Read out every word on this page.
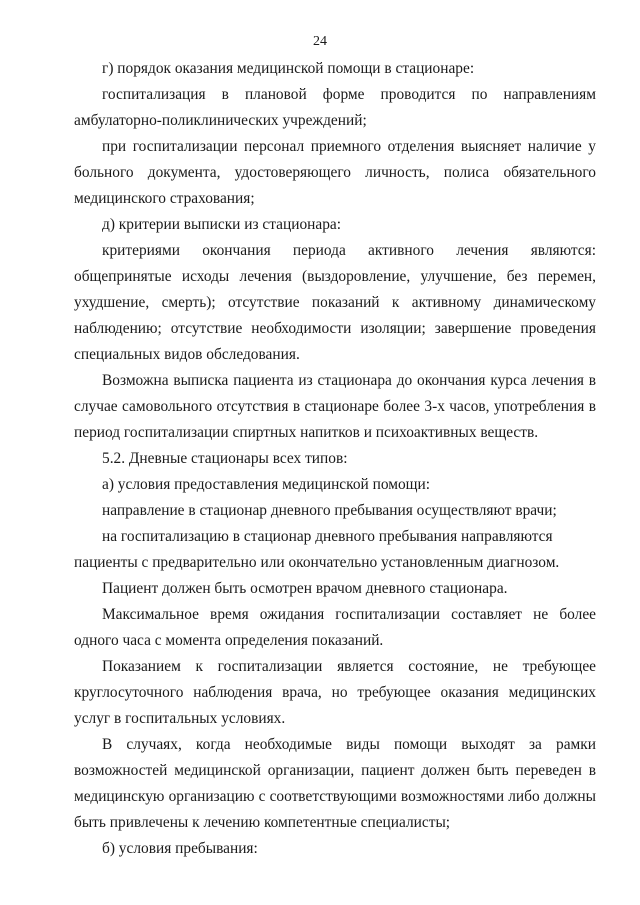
24

г) порядок оказания медицинской помощи в стационаре:

госпитализация в плановой форме проводится по направлениям амбулаторно-поликлинических учреждений;

при госпитализации персонал приемного отделения выясняет наличие у больного документа, удостоверяющего личность, полиса обязательного медицинского страхования;

д) критерии выписки из стационара:

критериями окончания периода активного лечения являются: общепринятые исходы лечения (выздоровление, улучшение, без перемен, ухудшение, смерть); отсутствие показаний к активному динамическому наблюдению; отсутствие необходимости изоляции; завершение проведения специальных видов обследования.

Возможна выписка пациента из стационара до окончания курса лечения в случае самовольного отсутствия в стационаре более 3-х часов, употребления в период госпитализации спиртных напитков и психоактивных веществ.

5.2. Дневные стационары всех типов:

а) условия предоставления медицинской помощи:

направление в стационар дневного пребывания осуществляют врачи;

на госпитализацию в стационар дневного пребывания направляются пациенты с предварительно или окончательно установленным диагнозом.

Пациент должен быть осмотрен врачом дневного стационара.

Максимальное время ожидания госпитализации составляет не более одного часа с момента определения показаний.

Показанием к госпитализации является состояние, не требующее круглосуточного наблюдения врача, но требующее оказания медицинских услуг в госпитальных условиях.

В случаях, когда необходимые виды помощи выходят за рамки возможностей медицинской организации, пациент должен быть переведен в медицинскую организацию с соответствующими возможностями либо должны быть привлечены к лечению компетентные специалисты;

б) условия пребывания:
